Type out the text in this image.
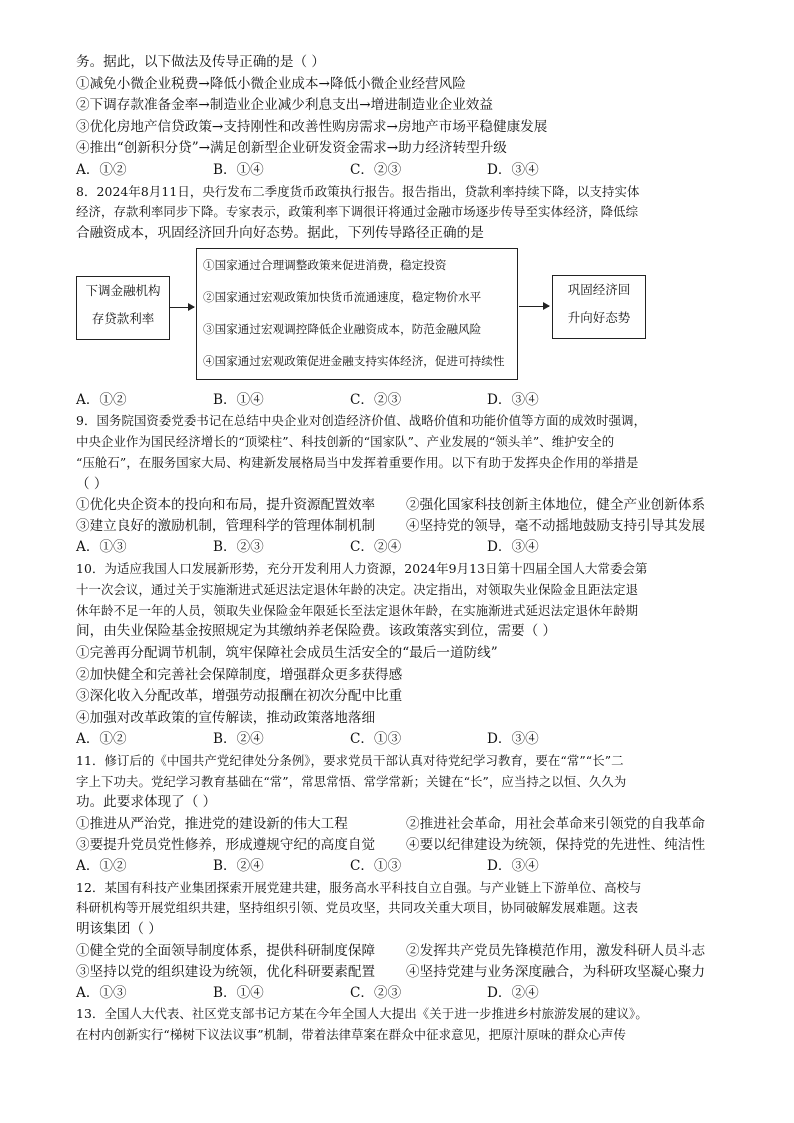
务。据此，以下做法及传导正确的是（ ）
①减免小微企业税费→降低小微企业成本→降低小微企业经营风险
②下调存款准备金率→制造业企业减少利息支出→增进制造业企业效益
③优化房地产信贷政策→支持刚性和改善性购房需求→房地产市场平稳健康发展
④推出“创新积分贷”→满足创新型企业研发资金需求→助力经济转型升级
A．①②	B．①④	C．②③	D．③④
8．2024年8月11日，央行发布二季度货币政策执行报告。报告指出，贷款利率持续下降，以支持实体
经济，存款利率同步下降。专家表示，政策利率下调很讦将通过金融市场逐步传导至实体经济，降低综
合融资成本，巩固经济回升向好态势。据此，下列传导路径正确的是
下调金融机构
存贷款利率
①国家通过合理调整政策来促进消费，稳定投资
②国家通过宏观政策加快货币流通速度，稳定物价水平
③国家通过宏观调控降低企业融资成本，防范金融风险
④国家通过宏观政策促进金融支持实体经济，促进可持续性
巩固经济回
升向好态势
A．①②	B．①④	C．②③	D．③④
9．国务院国资委党委书记在总结中央企业对创造经济价值、战略价值和功能价值等方面的成效时强调，
中央企业作为国民经济增长的“顶梁柱”、科技创新的“国家队”、产业发展的“领头羊”、维护安全的
“压舱石”，在服务国家大局、构建新发展格局当中发挥着重要作用。以下有助于发挥央企作用的举措是
（ ）
①优化央企资本的投向和布局，提升资源配置效率	②强化国家科技创新主体地位，健全产业创新体系
③建立良好的激励机制，管理科学的管理体制机制	④坚持党的领导，毫不动摇地鼓励支持引导其发展
A．①③	B．②③	C．②④	D．③④
10．为适应我国人口发展新形势，充分开发利用人力资源，2024年9月13日第十四届全国人大常委会第
十一次会议，通过关于实施渐进式延迟法定退休年龄的决定。决定指出，对领取失业保险金且距法定退
休年龄不足一年的人员，领取失业保险金年限延长至法定退休年龄，在实施渐进式延迟法定退休年龄期
间，由失业保险基金按照规定为其缴纳养老保险费。该政策落实到位，需要（ ）
①完善再分配调节机制，筑牢保障社会成员生活安全的“最后一道防线”
②加快健全和完善社会保障制度，增强群众更多获得感
③深化收入分配改革，增强劳动报酬在初次分配中比重
④加强对改革政策的宣传解读，推动政策落地落细
A．①②	B．②④	C．①③	D．③④
11．修订后的《中国共产党纪律处分条例》，要求党员干部认真对待党纪学习教育，要在“常”“长”二
字上下功夫。党纪学习教育基础在“常”，常思常悟、常学常新；关键在“长”，应当持之以恒、久久为
功。此要求体现了（ ）
①推进从严治党，推进党的建设新的伟大工程	②推进社会革命，用社会革命来引领党的自我革命
③要提升党员党性修养，形成遵规守纪的高度自觉	④要以纪律建设为统领，保持党的先进性、纯洁性
A．①②	B．②④	C．①③	D．③④
12．某国有科技产业集团探索开展党建共建，服务高水平科技自立自强。与产业链上下游单位、高校与
科研机构等开展党组织共建，坚持组织引领、党员攻坚，共同攻关重大项目，协同破解发展难题。这表
明该集团（ ）
①健全党的全面领导制度体系，提供科研制度保障	②发挥共产党员先锋模范作用，激发科研人员斗志
③坚持以党的组织建设为统领，优化科研要素配置	④坚持党建与业务深度融合，为科研攻坚凝心聚力
A．①③	B．①④	C．②③	D．②④
13．全国人大代表、社区党支部书记方某在今年全国人大提出《关于进一步推进乡村旅游发展的建议》。
在村内创新实行“梯树下议法议事”机制，带着法律草案在群众中征求意见，把原汁原味的群众心声传
